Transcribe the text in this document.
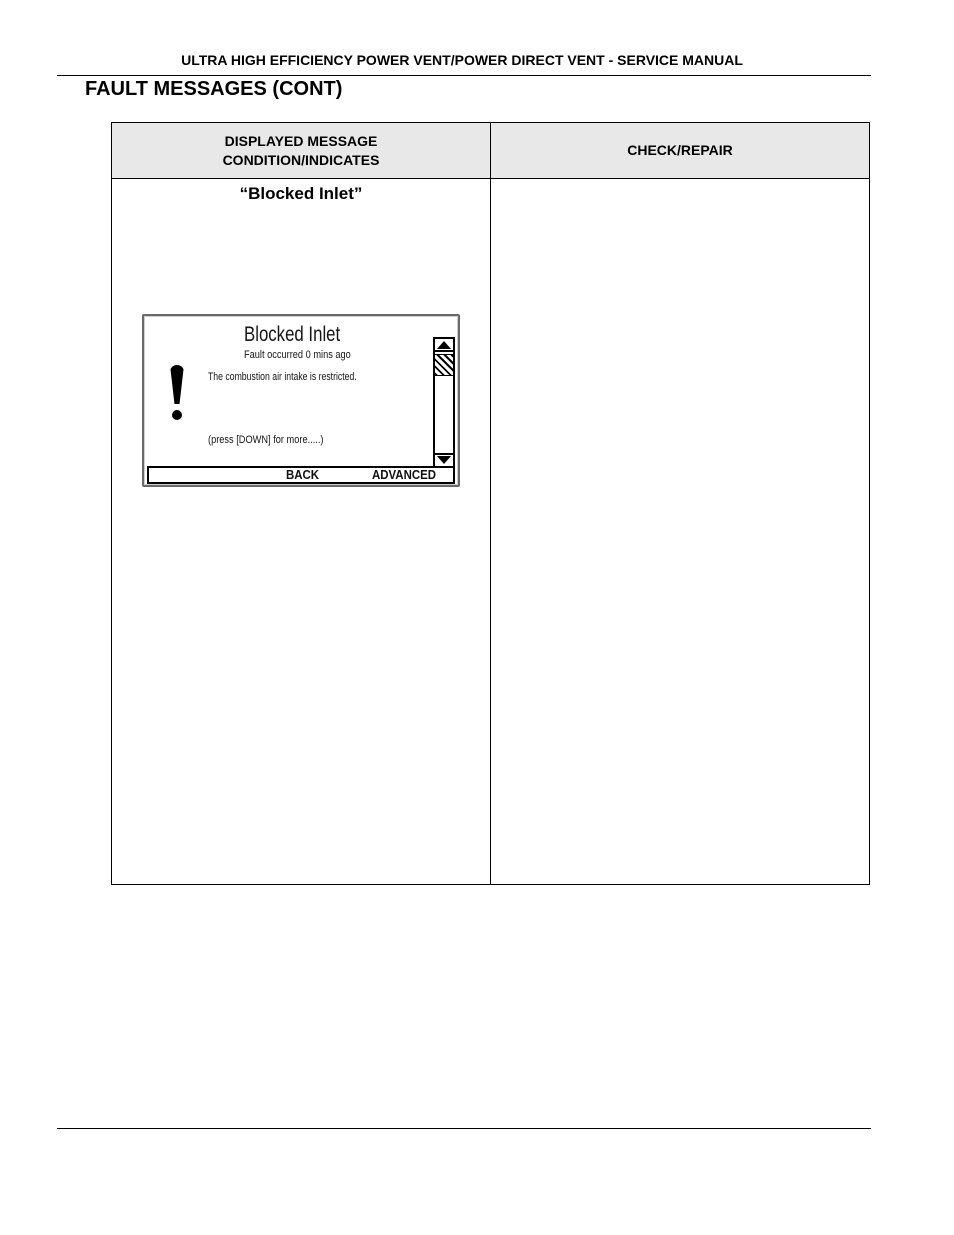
ULTRA HIGH EFFICIENCY POWER VENT/POWER DIRECT VENT - SERVICE MANUAL
FAULT MESSAGES (CONT)
DISPLAYED MESSAGE
CONDITION/INDICATES
CHECK/REPAIR
“Blocked Inlet”
Blocked Inlet
Fault occurred 0 mins ago
The combustion air intake is restricted.
(press [DOWN] for more.....)
BACK	ADVANCED
